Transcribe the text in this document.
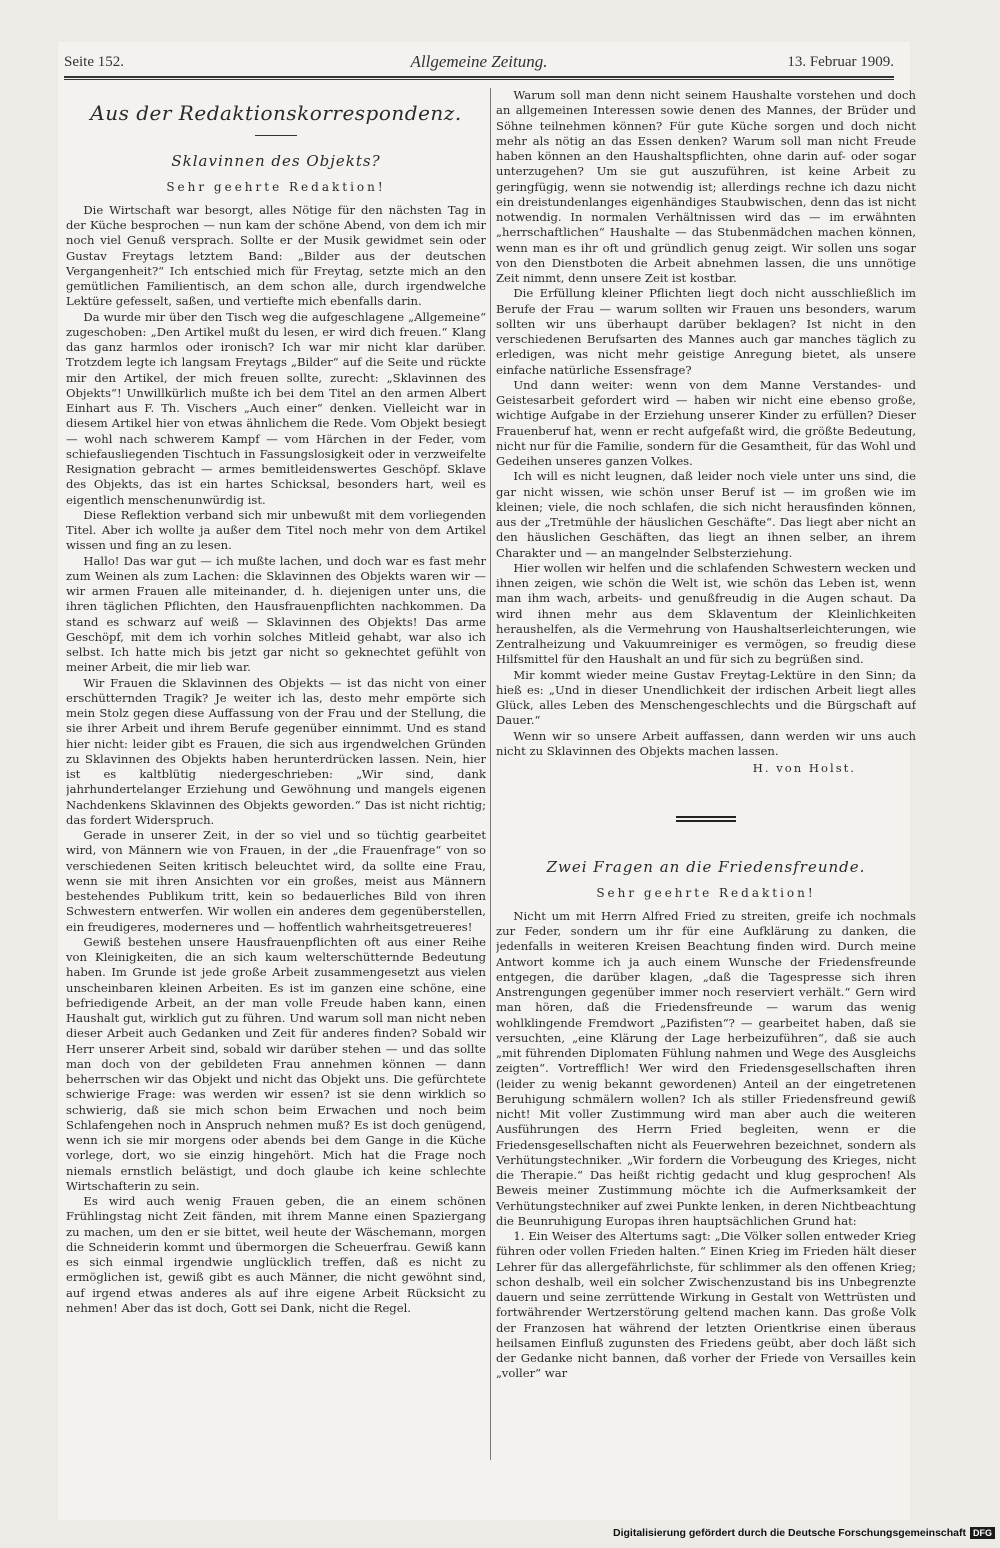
Seite 152.	Allgemeine Zeitung.	13. Februar 1909.
Aus der Redaktionskorrespondenz.
Sklavinnen des Objekts?
Sehr geehrte Redaktion!

Die Wirtschaft war besorgt, alles Nötige für den nächsten Tag in der Küche besprochen — nun kam der schöne Abend, von dem ich mir noch viel Genuß versprach. Sollte er der Musik gewidmet sein oder Gustav Freytags letztem Band: „Bilder aus der deutschen Vergangenheit?“ Ich entschied mich für Freytag, setzte mich an den gemütlichen Familientisch, an dem schon alle, durch irgendwelche Lektüre gefesselt, saßen, und vertiefte mich ebenfalls darin.

Da wurde mir über den Tisch weg die aufgeschlagene „Allgemeine“ zugeschoben: „Den Artikel mußt du lesen, er wird dich freuen.“ Klang das ganz harmlos oder ironisch? Ich war mir nicht klar darüber. Trotzdem legte ich langsam Freytags „Bilder“ auf die Seite und rückte mir den Artikel, der mich freuen sollte, zurecht: „Sklavinnen des Objekts“! Unwillkürlich mußte ich bei dem Titel an den armen Albert Einhart aus F. Th. Vischers „Auch einer“ denken. Vielleicht war in diesem Artikel hier von etwas ähnlichem die Rede. Vom Objekt besiegt — wohl nach schwerem Kampf — vom Härchen in der Feder, vom schiefausliegenden Tischtuch in Fassungslosigkeit oder in verzweifelte Resignation gebracht — armes bemitleidenswertes Geschöpf. Sklave des Objekts, das ist ein hartes Schicksal, besonders hart, weil es eigentlich menschenunwürdig ist.

Diese Reflektion verband sich mir unbewußt mit dem vorliegenden Titel. Aber ich wollte ja außer dem Titel noch mehr von dem Artikel wissen und fing an zu lesen.

Hallo! Das war gut — ich mußte lachen, und doch war es fast mehr zum Weinen als zum Lachen: die Sklavinnen des Objekts waren wir — wir armen Frauen alle miteinander, d. h. diejenigen unter uns, die ihren täglichen Pflichten, den Hausfrauenpflichten nachkommen. Da stand es schwarz auf weiß — Sklavinnen des Objekts! Das arme Geschöpf, mit dem ich vorhin solches Mitleid gehabt, war also ich selbst. Ich hatte mich bis jetzt gar nicht so geknechtet gefühlt von meiner Arbeit, die mir lieb war.

Wir Frauen die Sklavinnen des Objekts — ist das nicht von einer erschütternden Tragik? Je weiter ich las, desto mehr empörte sich mein Stolz gegen diese Auffassung von der Frau und der Stellung, die sie ihrer Arbeit und ihrem Berufe gegenüber einnimmt. Und es stand hier nicht: leider gibt es Frauen, die sich aus irgendwelchen Gründen zu Sklavinnen des Objekts haben herunterdrücken lassen. Nein, hier ist es kaltblütig niedergeschrieben: „Wir sind, dank jahrhundertelanger Erziehung und Gewöhnung und mangels eigenen Nachdenkens Sklavinnen des Objekts geworden.“ Das ist nicht richtig; das fordert Widerspruch.

Gerade in unserer Zeit, in der so viel und so tüchtig gearbeitet wird, von Männern wie von Frauen, in der „die Frauenfrage“ von so verschiedenen Seiten kritisch beleuchtet wird, da sollte eine Frau, wenn sie mit ihren Ansichten vor ein großes, meist aus Männern bestehendes Publikum tritt, kein so bedauerliches Bild von ihren Schwestern entwerfen. Wir wollen ein anderes dem gegenüberstellen, ein freudigeres, moderneres und — hoffentlich wahrheitsgetreueres!

Gewiß bestehen unsere Hausfrauenpflichten oft aus einer Reihe von Kleinigkeiten, die an sich kaum welterschütternde Bedeutung haben. Im Grunde ist jede große Arbeit zusammengesetzt aus vielen unscheinbaren kleinen Arbeiten. Es ist im ganzen eine schöne, eine befriedigende Arbeit, an der man volle Freude haben kann, einen Haushalt gut, wirklich gut zu führen. Und warum soll man nicht neben dieser Arbeit auch Gedanken und Zeit für anderes finden? Sobald wir Herr unserer Arbeit sind, sobald wir darüber stehen — und das sollte man doch von der gebildeten Frau annehmen können — dann beherrschen wir das Objekt und nicht das Objekt uns. Die gefürchtete schwierige Frage: was werden wir essen? ist sie denn wirklich so schwierig, daß sie mich schon beim Erwachen und noch beim Schlafengehen noch in Anspruch nehmen muß? Es ist doch genügend, wenn ich sie mir morgens oder abends bei dem Gange in die Küche vorlege, dort, wo sie einzig hingehört. Mich hat die Frage noch niemals ernstlich belästigt, und doch glaube ich keine schlechte Wirtschafterin zu sein.

Es wird auch wenig Frauen geben, die an einem schönen Frühlingstag nicht Zeit fänden, mit ihrem Manne einen Spaziergang zu machen, um den er sie bittet, weil heute der Wäschemann, morgen die Schneiderin kommt und übermorgen die Scheuerfrau. Gewiß kann es sich einmal irgendwie unglücklich treffen, daß es nicht zu ermöglichen ist, gewiß gibt es auch Männer, die nicht gewöhnt sind, auf irgend etwas anderes als auf ihre eigene Arbeit Rücksicht zu nehmen! Aber das ist doch, Gott sei Dank, nicht die Regel.

Warum soll man denn nicht seinem Haushalte vorstehen und doch an allgemeinen Interessen sowie denen des Mannes, der Brüder und Söhne teilnehmen können? Für gute Küche sorgen und doch nicht mehr als nötig an das Essen denken? Warum soll man nicht Freude haben können an den Haushaltspflichten, ohne darin auf- oder sogar unterzugehen? Um sie gut auszuführen, ist keine Arbeit zu geringfügig, wenn sie notwendig ist; allerdings rechne ich dazu nicht ein dreistundenlanges eigenhändiges Staubwischen, denn das ist nicht notwendig. In normalen Verhältnissen wird das — im erwähnten „herrschaftlichen“ Haushalte — das Stubenmädchen machen können, wenn man es ihr oft und gründlich genug zeigt. Wir sollen uns sogar von den Dienstboten die Arbeit abnehmen lassen, die uns unnötige Zeit nimmt, denn unsere Zeit ist kostbar.

Die Erfüllung kleiner Pflichten liegt doch nicht ausschließlich im Berufe der Frau — warum sollten wir Frauen uns besonders, warum sollten wir uns überhaupt darüber beklagen? Ist nicht in den verschiedenen Berufsarten des Mannes auch gar manches täglich zu erledigen, was nicht mehr geistige Anregung bietet, als unsere einfache natürliche Essensfrage?

Und dann weiter: wenn von dem Manne Verstandes- und Geistesarbeit gefordert wird — haben wir nicht eine ebenso große, wichtige Aufgabe in der Erziehung unserer Kinder zu erfüllen? Dieser Frauenberuf hat, wenn er recht aufgefaßt wird, die größte Bedeutung, nicht nur für die Familie, sondern für die Gesamtheit, für das Wohl und Gedeihen unseres ganzen Volkes.

Ich will es nicht leugnen, daß leider noch viele unter uns sind, die gar nicht wissen, wie schön unser Beruf ist — im großen wie im kleinen; viele, die noch schlafen, die sich nicht herausfinden können, aus der „Tretmühle der häuslichen Geschäfte“. Das liegt aber nicht an den häuslichen Geschäften, das liegt an ihnen selber, an ihrem Charakter und — an mangelnder Selbsterziehung.

Hier wollen wir helfen und die schlafenden Schwestern wecken und ihnen zeigen, wie schön die Welt ist, wie schön das Leben ist, wenn man ihm wach, arbeits- und genußfreudig in die Augen schaut. Da wird ihnen mehr aus dem Sklaventum der Kleinlichkeiten heraushelfen, als die Vermehrung von Haushaltserleichterungen, wie Zentralheizung und Vakuumreiniger es vermögen, so freudig diese Hilfsmittel für den Haushalt an und für sich zu begrüßen sind.

Mir kommt wieder meine Gustav Freytag-Lektüre in den Sinn; da hieß es: „Und in dieser Unendlichkeit der irdischen Arbeit liegt alles Glück, alles Leben des Menschengeschlechts und die Bürgschaft auf Dauer.“

Wenn wir so unsere Arbeit auffassen, dann werden wir uns auch nicht zu Sklavinnen des Objekts machen lassen.

H. von Holst.
Zwei Fragen an die Friedensfreunde.
Sehr geehrte Redaktion!

Nicht um mit Herrn Alfred Fried zu streiten, greife ich nochmals zur Feder, sondern um ihr für eine Aufklärung zu danken, die jedenfalls in weiteren Kreisen Beachtung finden wird. Durch meine Antwort komme ich ja auch einem Wunsche der Friedensfreunde entgegen, die darüber klagen, „daß die Tagespresse sich ihren Anstrengungen gegenüber immer noch reserviert verhält.“ Gern wird man hören, daß die Friedensfreunde — warum das wenig wohlklingende Fremdwort „Pazifisten“? — gearbeitet haben, daß sie versuchten, „eine Klärung der Lage herbeizuführen“, daß sie auch „mit führenden Diplomaten Fühlung nahmen und Wege des Ausgleichs zeigten“. Vortrefflich! Wer wird den Friedensgesellschaften ihren (leider zu wenig bekannt gewordenen) Anteil an der eingetretenen Beruhigung schmälern wollen? Ich als stiller Friedensfreund gewiß nicht! Mit voller Zustimmung wird man aber auch die weiteren Ausführungen des Herrn Fried begleiten, wenn er die Friedensgesellschaften nicht als Feuerwehren bezeichnet, sondern als Verhütungstechniker. „Wir fordern die Vorbeugung des Krieges, nicht die Therapie.“ Das heißt richtig gedacht und klug gesprochen! Als Beweis meiner Zustimmung möchte ich die Aufmerksamkeit der Verhütungstechniker auf zwei Punkte lenken, in deren Nichtbeachtung die Beunruhigung Europas ihren hauptsächlichen Grund hat:

1. Ein Weiser des Altertums sagt: „Die Völker sollen entweder Krieg führen oder vollen Frieden halten.“ Einen Krieg im Frieden hält dieser Lehrer für das allergefährlichste, für schlimmer als den offenen Krieg; schon deshalb, weil ein solcher Zwischenzustand bis ins Unbegrenzte dauern und seine zerrüttende Wirkung in Gestalt von Wettrüsten und fortwährender Wertzerstörung geltend machen kann. Das große Volk der Franzosen hat während der letzten Orientkrise einen überaus heilsamen Einfluß zugunsten des Friedens geübt, aber doch läßt sich der Gedanke nicht bannen, daß vorher der Friede von Versailles kein „voller“ war

Digitalisierung gefördert durch die Deutsche Forschungsgemeinschaft DFG
